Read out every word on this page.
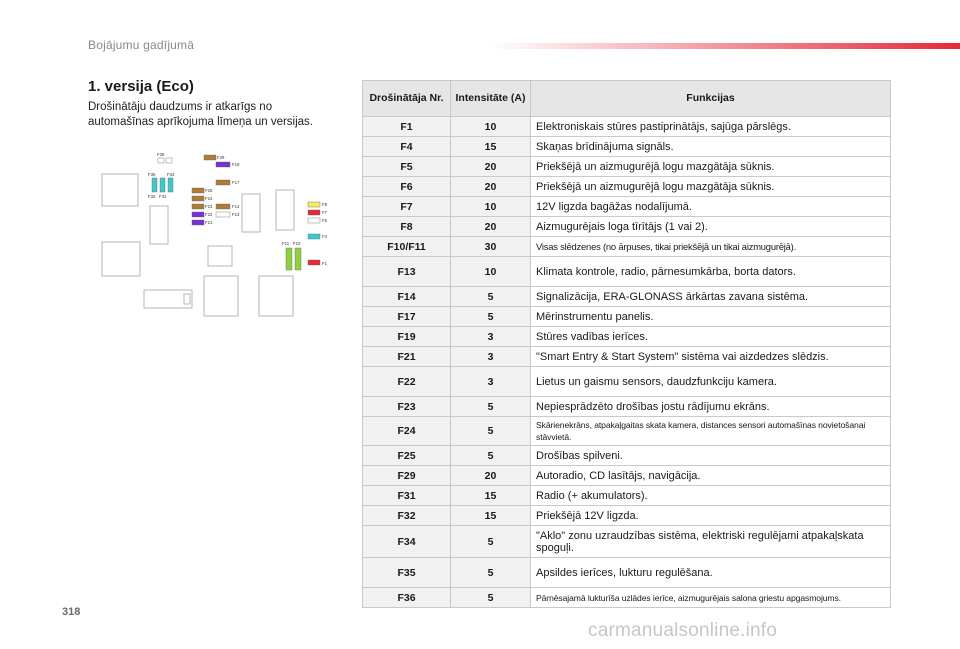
Bojājumu gadījumā
1. versija (Eco)
Drošinātāju daudzums ir atkarīgs no automašīnas aprīkojuma līmeņa un versijas.
F35
F29
F19
F36	F34
F32 F31
F17
F25
F24
F23
F22
F21
F14
F13
F8
F7
F5
F4
F1
F11 F10
Drošinātāja Nr.	Intensitāte (A)	Funkcijas
F1	10	Elektroniskais stūres pastiprinātājs, sajūga pārslēgs.
F4	15	Skaņas brīdinājuma signāls.
F5	20	Priekšējā un aizmugurējā logu mazgātāja sūknis.
F6	20	Priekšējā un aizmugurējā logu mazgātāja sūknis.
F7	10	12V ligzda bagāžas nodalījumā.
F8	20	Aizmugurējais loga tīrītājs (1 vai 2).
F10/F11	30	Visas slēdzenes (no ārpuses, tikai priekšējā un tikai aizmugurējā).
F13	10	Klimata kontrole, radio, pārnesumkārba, borta dators.
F14	5	Signalizācija, ERA-GLONASS ārkārtas zavana sistēma.
F17	5	Mērinstrumentu panelis.
F19	3	Stūres vadības ierīces.
F21	3	"Smart Entry & Start System" sistēma vai aizdedzes slēdzis.
F22	3	Lietus un gaismu sensors, daudzfunkciju kamera.
F23	5	Nepiesprādzēto drošības jostu rādījumu ekrāns.
F24	5	Skārienekrāns, atpakaļgaitas skata kamera, distances sensori automašīnas novietošanai stāvvietā.
F25	5	Drošības spilveni.
F29	20	Autoradio, CD lasītājs, navigācija.
F31	15	Radio (+ akumulators).
F32	15	Priekšējā 12V ligzda.
F34	5	"Aklo" zonu uzraudzības sistēma, elektriski regulējami atpakaļskata spoguļi.
F35	5	Apsildes ierīces, lukturu regulēšana.
F36	5	Pārnēsajamā lukturīša uzlādes ierīce, aizmugurējais salona griestu apgasmojums.
318
carmanualsonline.info
